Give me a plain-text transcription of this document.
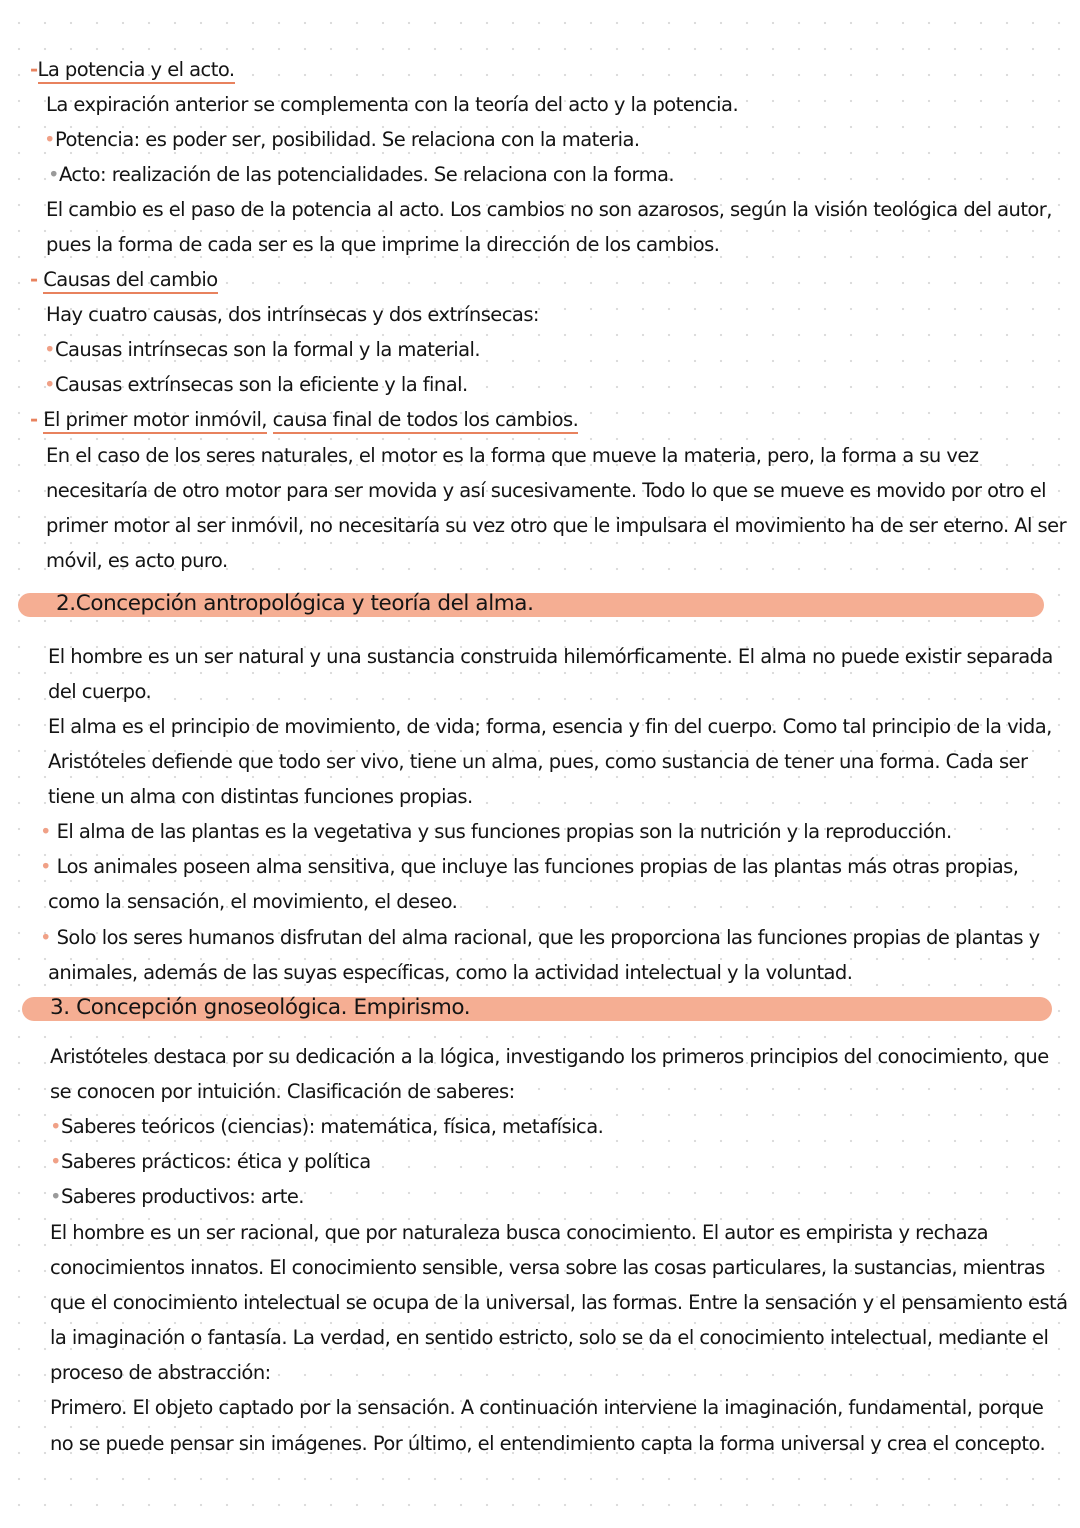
-La potencia y el acto.
La expiración anterior se complementa con la teoría del acto y la potencia.
•Potencia: es poder ser, posibilidad. Se relaciona con la materia.
•Acto: realización de las potencialidades. Se relaciona con la forma.
El cambio es el paso de la potencia al acto. Los cambios no son azarosos, según la visión teológica del autor,
pues la forma de cada ser es la que imprime la dirección de los cambios.
- Causas del cambio
Hay cuatro causas, dos intrínsecas y dos extrínsecas:
•Causas intrínsecas son la formal y la material.
•Causas extrínsecas son la eficiente y la final.
- El primer motor inmóvil, causa final de todos los cambios.
En el caso de los seres naturales, el motor es la forma que mueve la materia, pero, la forma a su vez
necesitaría de otro motor para ser movida y así sucesivamente. Todo lo que se mueve es movido por otro el
primer motor al ser inmóvil, no necesitaría su vez otro que le impulsara el movimiento ha de ser eterno. Al ser
móvil, es acto puro.
2.Concepción antropológica y teoría del alma.
El hombre es un ser natural y una sustancia construida hilemórficamente. El alma no puede existir separada
del cuerpo.
El alma es el principio de movimiento, de vida; forma, esencia y fin del cuerpo. Como tal principio de la vida,
Aristóteles defiende que todo ser vivo, tiene un alma, pues, como sustancia de tener una forma. Cada ser
tiene un alma con distintas funciones propias.
• El alma de las plantas es la vegetativa y sus funciones propias son la nutrición y la reproducción.
• Los animales poseen alma sensitiva, que incluye las funciones propias de las plantas más otras propias,
como la sensación, el movimiento, el deseo.
• Solo los seres humanos disfrutan del alma racional, que les proporciona las funciones propias de plantas y
animales, además de las suyas específicas, como la actividad intelectual y la voluntad.
3. Concepción gnoseológica. Empirismo.
Aristóteles destaca por su dedicación a la lógica, investigando los primeros principios del conocimiento, que
se conocen por intuición. Clasificación de saberes:
•Saberes teóricos (ciencias): matemática, física, metafísica.
•Saberes prácticos: ética y política
•Saberes productivos: arte.
El hombre es un ser racional, que por naturaleza busca conocimiento. El autor es empirista y rechaza
conocimientos innatos. El conocimiento sensible, versa sobre las cosas particulares, la sustancias, mientras
que el conocimiento intelectual se ocupa de la universal, las formas. Entre la sensación y el pensamiento está
la imaginación o fantasía. La verdad, en sentido estricto, solo se da el conocimiento intelectual, mediante el
proceso de abstracción:
Primero. El objeto captado por la sensación. A continuación interviene la imaginación, fundamental, porque
no se puede pensar sin imágenes. Por último, el entendimiento capta la forma universal y crea el concepto.
